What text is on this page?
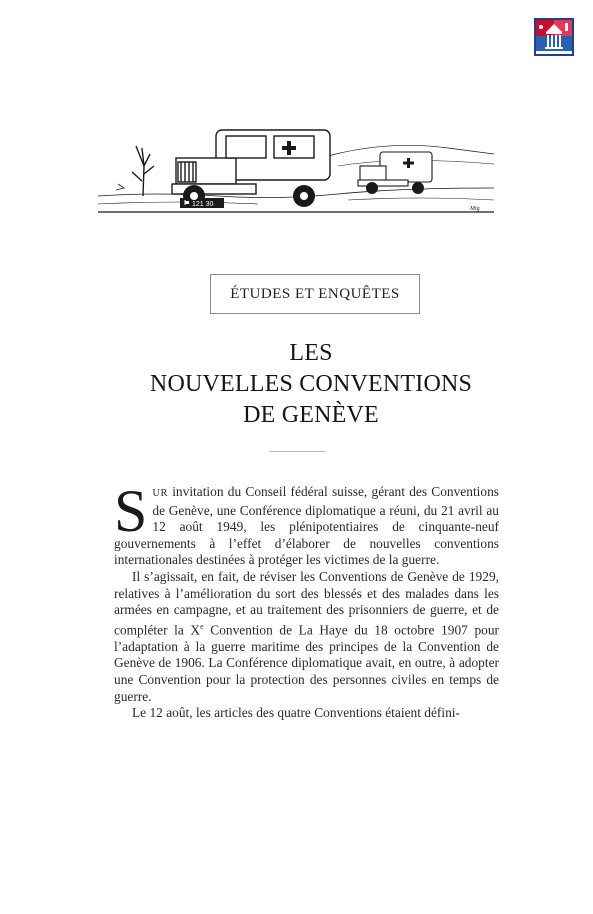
121 30
Mig
ÉTUDES ET ENQUÊTES
LES
NOUVELLES CONVENTIONS
DE GENÈVE

SUR invitation du Conseil fédéral suisse, gérant des Conventions de Genève, une Conférence diplomatique a réuni, du 21 avril au 12 août 1949, les plénipotentiaires de cinquante-neuf gouvernements à l’effet d’élaborer de nouvelles conventions internationales destinées à protéger les victimes de la guerre.

Il s’agissait, en fait, de réviser les Conventions de Genève de 1929, relatives à l’amélioration du sort des blessés et des malades dans les armées en campagne, et au traitement des prisonniers de guerre, et de compléter la Xe Convention de La Haye du 18 octobre 1907 pour l’adaptation à la guerre maritime des principes de la Convention de Genève de 1906. La Conférence diplomatique avait, en outre, à adopter une Convention pour la protection des personnes civiles en temps de guerre.

Le 12 août, les articles des quatre Conventions étaient défini-
